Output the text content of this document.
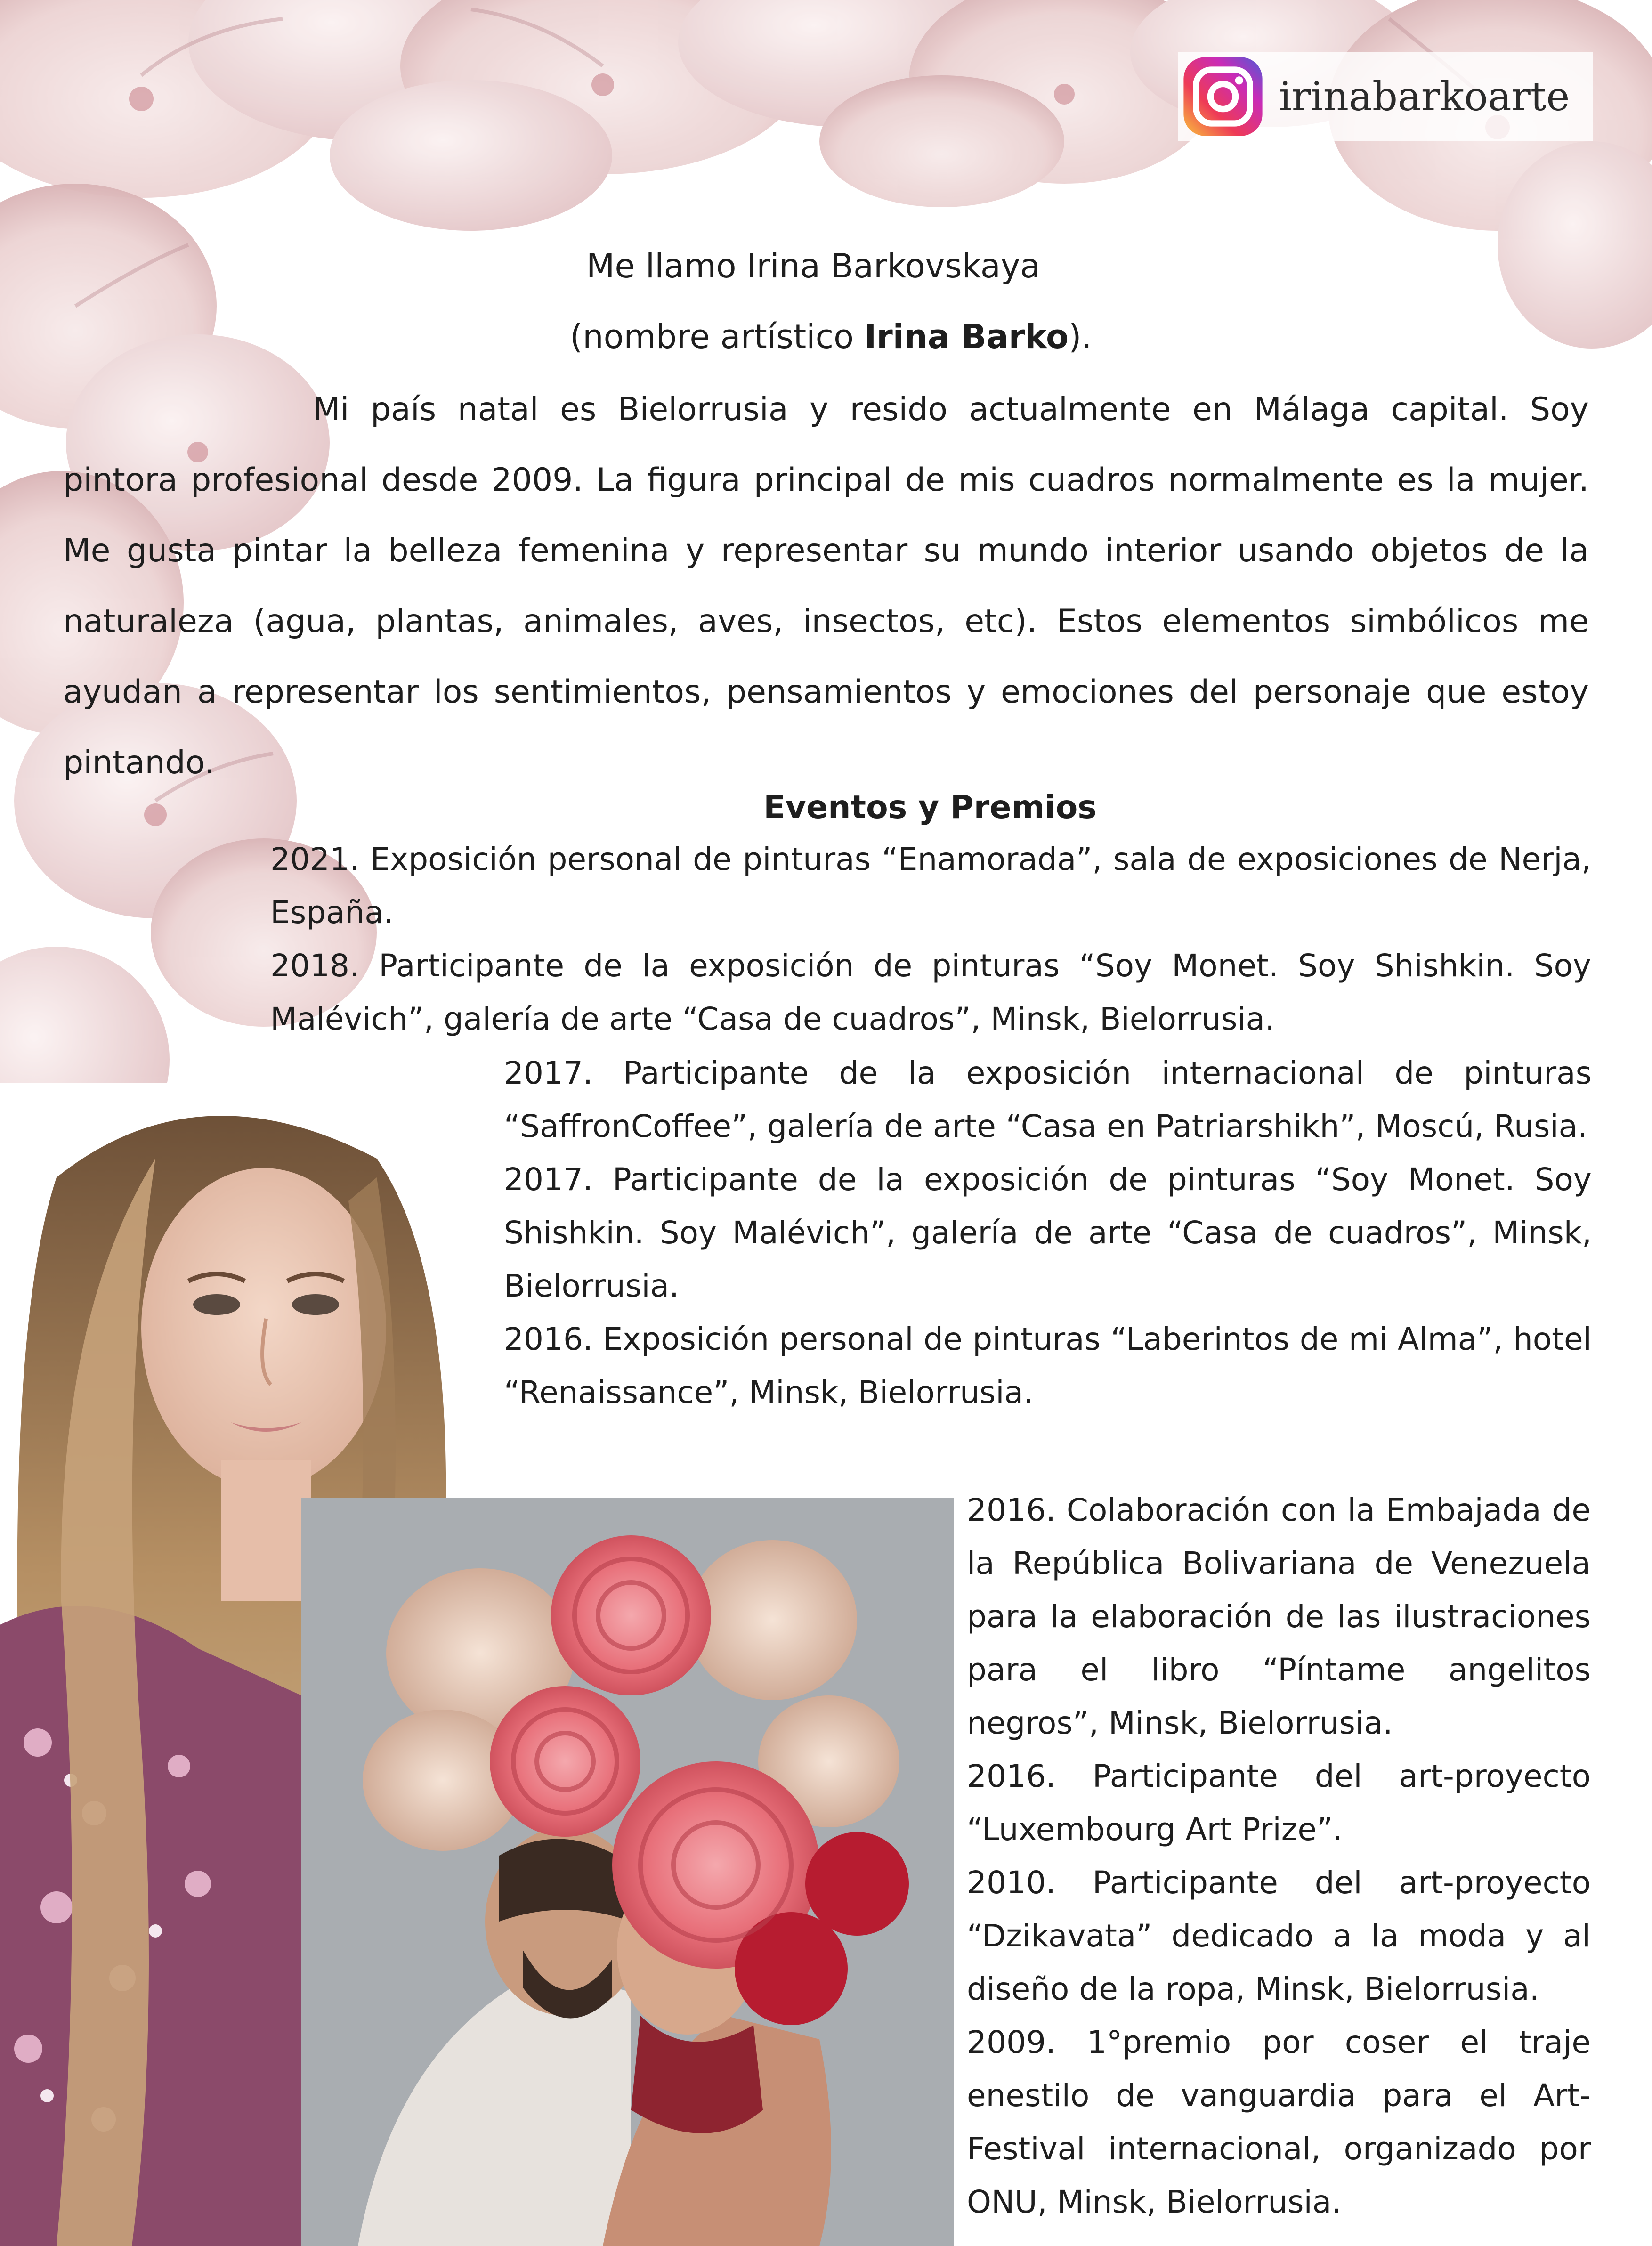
irinabarkoarte
Me llamo Irina Barkovskaya
(nombre artístico Irina Barko).

Mi país natal es Bielorrusia y residо actualmente en Málaga capital. Soy pintora profesional desde 2009. La figura principal de mis cuadros normalmente es la mujer. Me gusta pintar la belleza femenina y representar su mundo interior usando objetos de la naturaleza (agua, plantas, animales, aves, insectos, etc). Estos elementos simbólicos me ayudan a representar los sentimientos, pensamientos y emociones del personaje que estoy pintando.

Eventos y Premios

2021. Exposición personal de pinturas “Enamorada”, sala de exposiciones de Nerja, España.

2018. Participante de la exposición de pinturas “Soy Monet. Soy Shishkin. Soy Malévich”, galería de arte “Casa de cuadros”, Minsk, Bielorrusia.

2017. Participante de la exposición internacional de pinturas “SaffronCoffee”, galería de arte “Casa en Patriarshikh”, Moscú, Rusia.

2017. Participante de la exposición de pinturas “Soy Monet. Soy Shishkin. Soy Malévich”, galería de arte “Casa de cuadros”, Minsk, Bielorrusia.

2016. Exposición personal de pinturas “Laberintos de mi Alma”, hotel “Renaissance”, Minsk, Bielorrusia.

2016. Colaboración con la Embajada de la República Bolivariana de Venezuela para la elaboración de las ilustraciones para el libro “Píntame angelitos negros”, Minsk, Bielorrusia.

2016. Participante del art-proyecto “Luxembourg Art Prize”.

2010. Participante del art-proyecto “Dzikavata” dedicado a la moda y al diseño de la ropa, Minsk, Bielorrusia.

2009. 1°premio por coser el traje enestilo de vanguardia para el Art-Festival internacional, organizado por ONU, Minsk, Bielorrusia.
